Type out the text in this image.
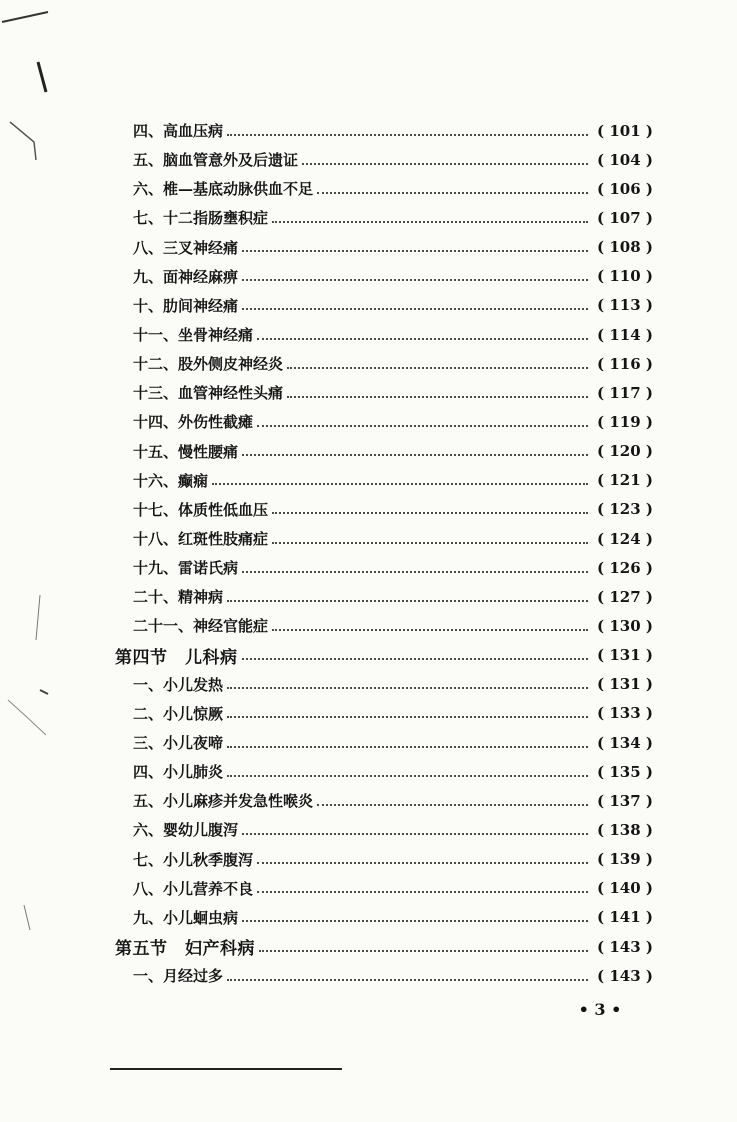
四、高血压病	( 101 )
五、脑血管意外及后遗证	( 104 )
六、椎—基底动脉供血不足	( 106 )
七、十二指肠壅积症	( 107 )
八、三叉神经痛	( 108 )
九、面神经麻痹	( 110 )
十、肋间神经痛	( 113 )
十一、坐骨神经痛	( 114 )
十二、股外侧皮神经炎	( 116 )
十三、血管神经性头痛	( 117 )
十四、外伤性截瘫	( 119 )
十五、慢性腰痛	( 120 )
十六、癫痫	( 121 )
十七、体质性低血压	( 123 )
十八、红斑性肢痛症	( 124 )
十九、雷诺氏病	( 126 )
二十、精神病	( 127 )
二十一、神经官能症	( 130 )
第四节　儿科病	( 131 )
一、小儿发热	( 131 )
二、小儿惊厥	( 133 )
三、小儿夜啼	( 134 )
四、小儿肺炎	( 135 )
五、小儿麻疹并发急性喉炎	( 137 )
六、婴幼儿腹泻	( 138 )
七、小儿秋季腹泻	( 139 )
八、小儿营养不良	( 140 )
九、小儿蛔虫病	( 141 )
第五节　妇产科病	( 143 )
一、月经过多	( 143 )
• 3 •
